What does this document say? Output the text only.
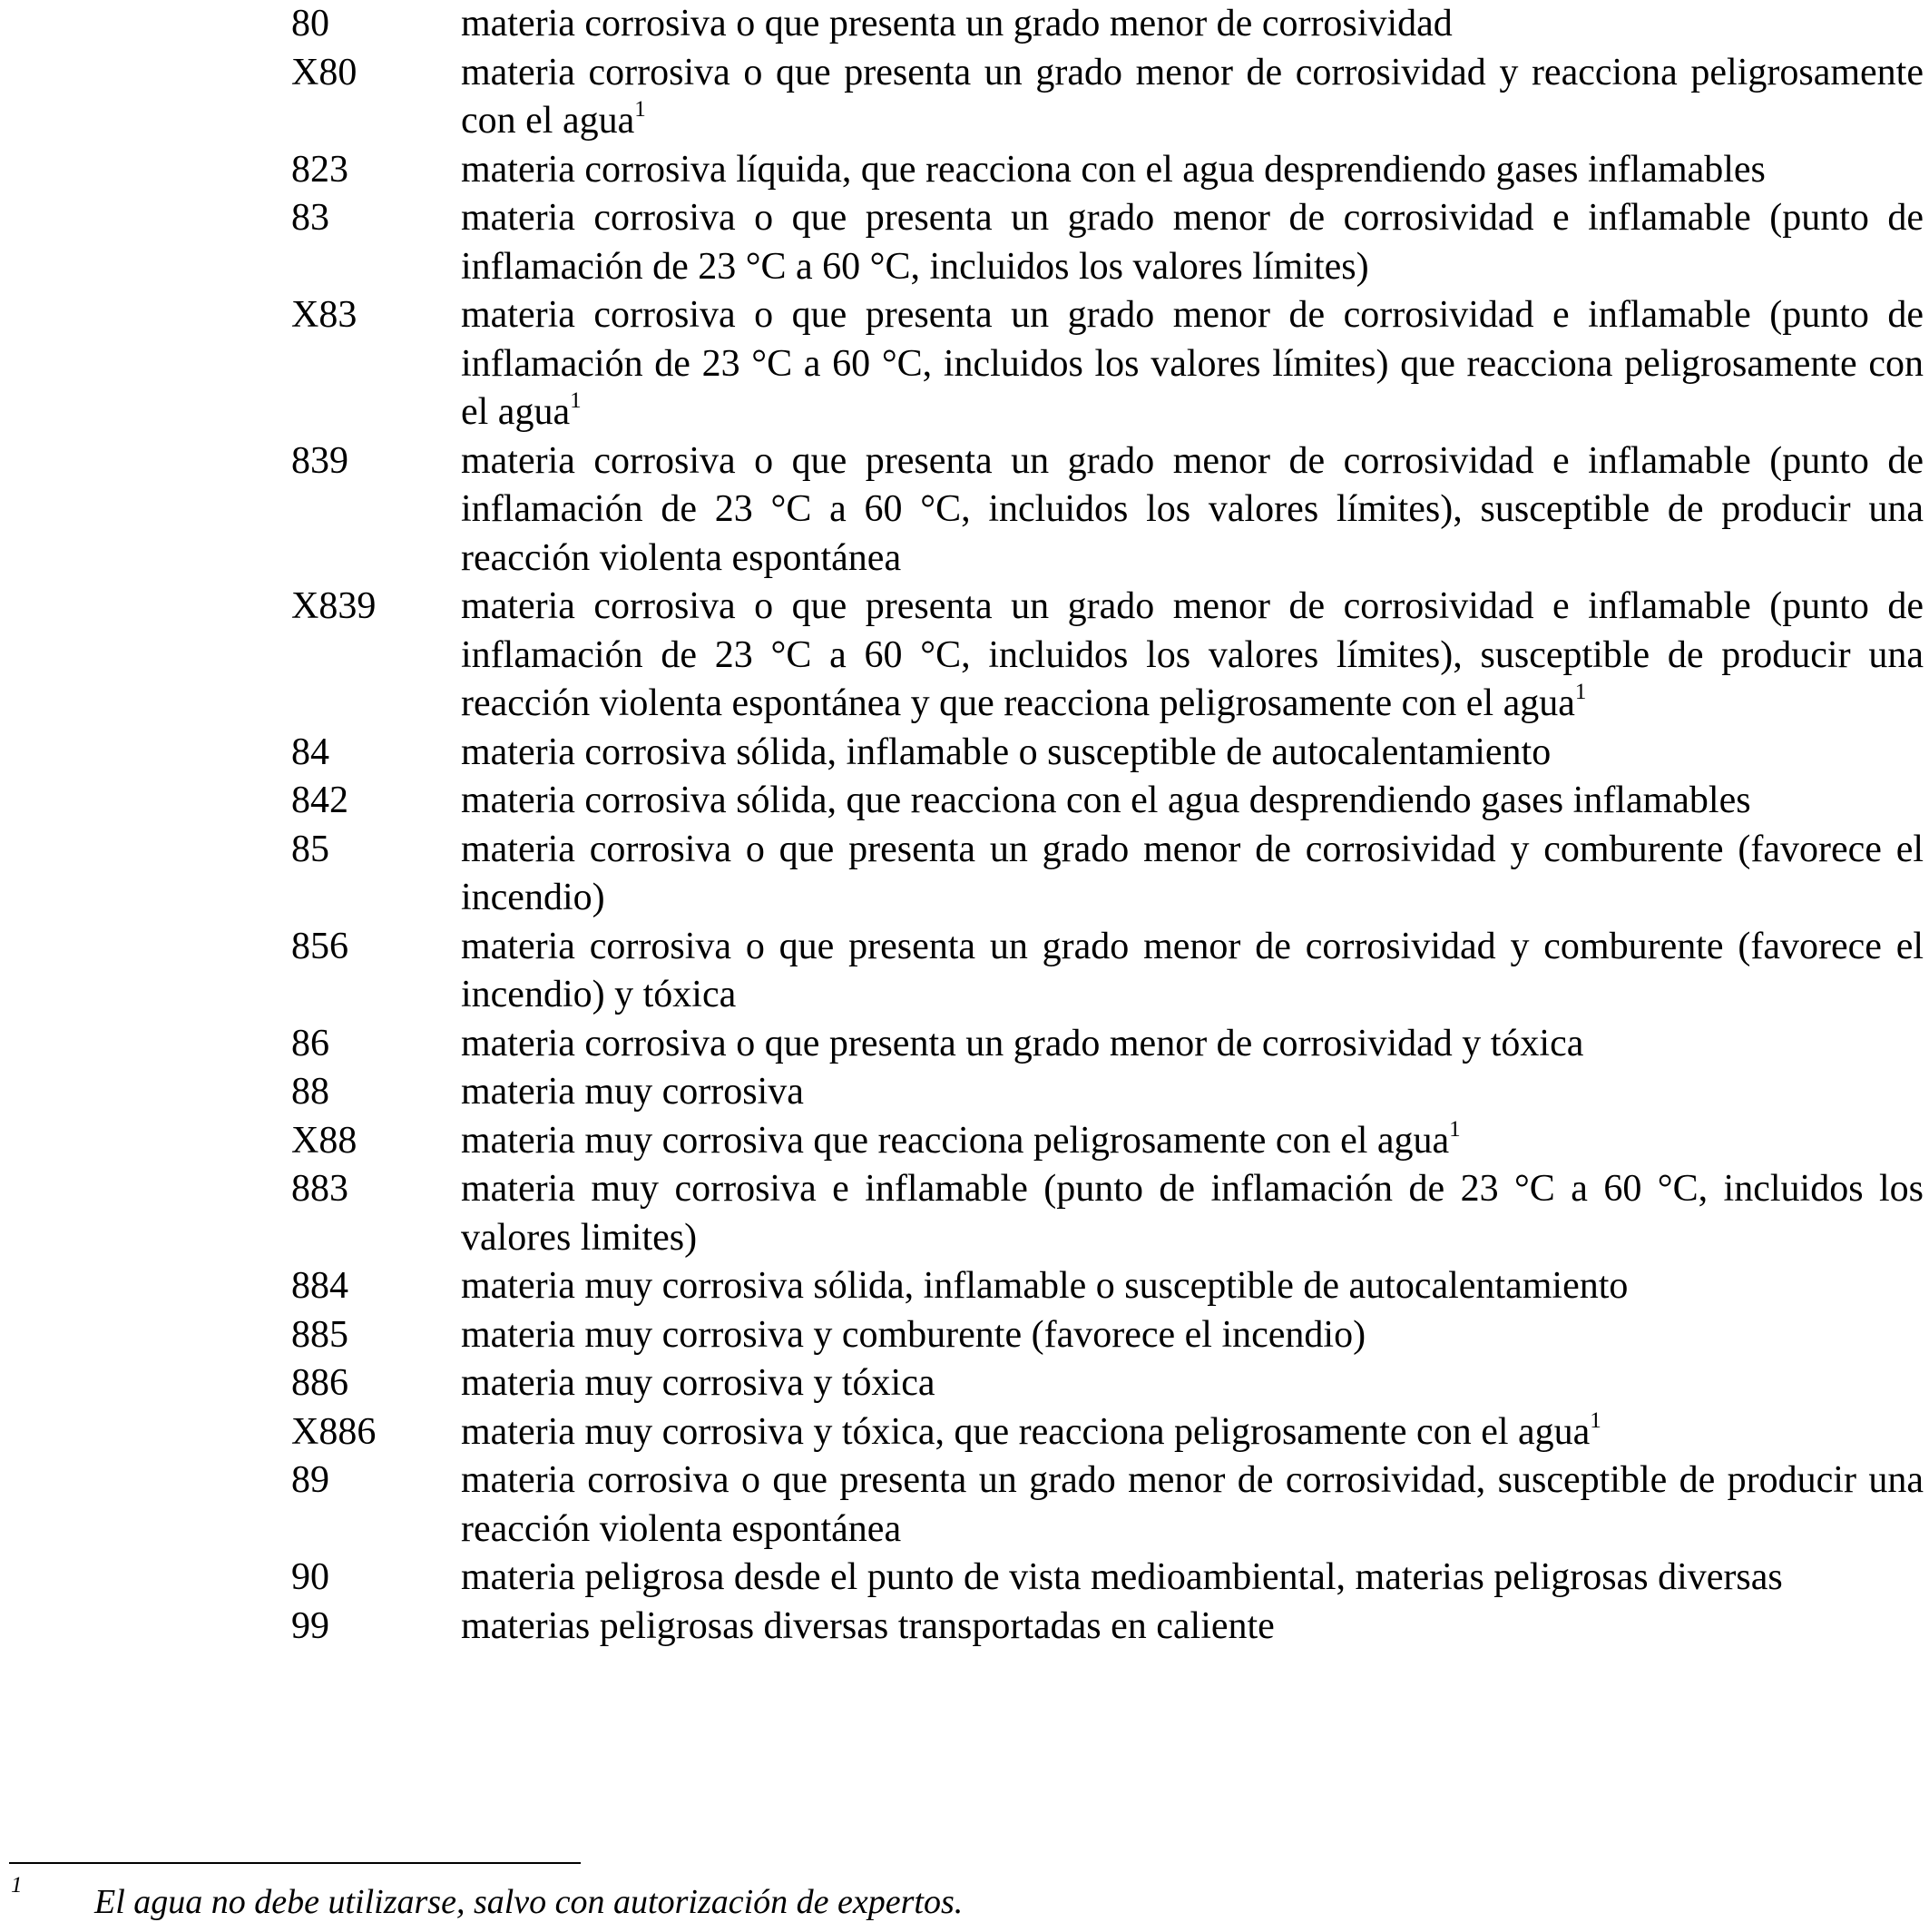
80	materia corrosiva o que presenta un grado menor de corrosividad
X80	materia corrosiva o que presenta un grado menor de corrosividad y reacciona peligrosamente con el agua$^1$
823	materia corrosiva líquida, que reacciona con el agua desprendiendo gases inflamables
83	materia corrosiva o que presenta un grado menor de corrosividad e inflamable (punto de inflamación de 23 °C a 60 °C, incluidos los valores límites)
X83	materia corrosiva o que presenta un grado menor de corrosividad e inflamable (punto de inflamación de 23 °C a 60 °C, incluidos los valores límites) que reacciona peligrosamente con el agua$^1$
839	materia corrosiva o que presenta un grado menor de corrosividad e inflamable (punto de inflamación de 23 °C a 60 °C, incluidos los valores límites), susceptible de producir una reacción violenta espontánea
X839	materia corrosiva o que presenta un grado menor de corrosividad e inflamable (punto de inflamación de 23 °C a 60 °C, incluidos los valores límites), susceptible de producir una reacción violenta espontánea y que reacciona peligrosamente con el agua$^1$
84	materia corrosiva sólida, inflamable o susceptible de autocalentamiento
842	materia corrosiva sólida, que reacciona con el agua desprendiendo gases inflamables
85	materia corrosiva o que presenta un grado menor de corrosividad y comburente (favorece el incendio)
856	materia corrosiva o que presenta un grado menor de corrosividad y comburente (favorece el incendio) y tóxica
86	materia corrosiva o que presenta un grado menor de corrosividad y tóxica
88	materia muy corrosiva
X88	materia muy corrosiva que reacciona peligrosamente con el agua$^1$
883	materia muy corrosiva e inflamable (punto de inflamación de 23 °C a 60 °C, incluidos los valores limites)
884	materia muy corrosiva sólida, inflamable o susceptible de autocalentamiento
885	materia muy corrosiva y comburente (favorece el incendio)
886	materia muy corrosiva y tóxica
X886	materia muy corrosiva y tóxica, que reacciona peligrosamente con el agua$^1$
89	materia corrosiva o que presenta un grado menor de corrosividad, susceptible de producir una reacción violenta espontánea
90	materia peligrosa desde el punto de vista medioambiental, materias peligrosas diversas
99	materias peligrosas diversas transportadas en caliente
1 El agua no debe utilizarse, salvo con autorización de expertos.
